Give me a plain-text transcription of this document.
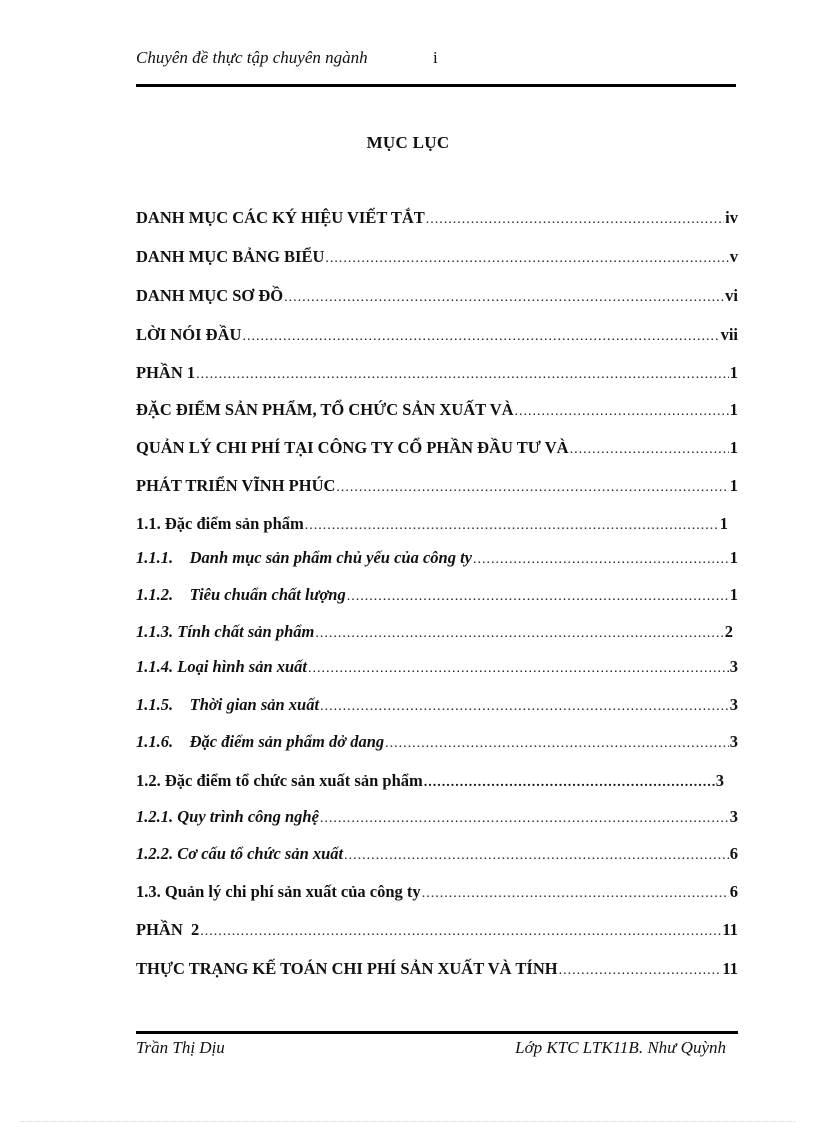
Chuyên đề thực tập chuyên ngành	i
MỤC LỤC
DANH MỤC CÁC KÝ HIỆU VIẾT TẮT .....	iv
DANH MỤC BẢNG BIỂU .....	v
DANH MỤC SƠ ĐỒ .....	vi
LỜI NÓI ĐẦU .....	vii
PHẦN 1 .....	1
ĐẶC ĐIỂM SẢN PHẨM, TỔ CHỨC SẢN XUẤT VÀ .....	1
QUẢN LÝ CHI PHÍ TẠI CÔNG TY CỔ PHẦN ĐẦU TƯ VÀ .....	1
PHÁT TRIỂN VĨNH PHÚC .....	1
1.1. Đặc điểm sản phẩm .....	1
1.1.1.    Danh mục sản phẩm chủ yếu của công ty .....	1
1.1.2.    Tiêu chuẩn chất lượng .....	1
1.1.3. Tính chất sản phẩm .....	2
1.1.4. Loại hình sản xuất .....	3
1.1.5.    Thời gian sản xuất .....	3
1.1.6.    Đặc điểm sản phẩm dở dang .....	3
1.2. Đặc điểm tổ chức sản xuất sản phẩm .....	3
1.2.1. Quy trình công nghệ .....	3
1.2.2. Cơ cấu tổ chức sản xuất .....	6
1.3. Quản lý chi phí sản xuất của công ty .....	6
PHẦN  2 .....	11
THỰC TRẠNG KẾ TOÁN CHI PHÍ SẢN XUẤT VÀ TÍNH .....	11
Trần Thị Dịu	Lớp KTC LTK11B. Như Quỳnh
